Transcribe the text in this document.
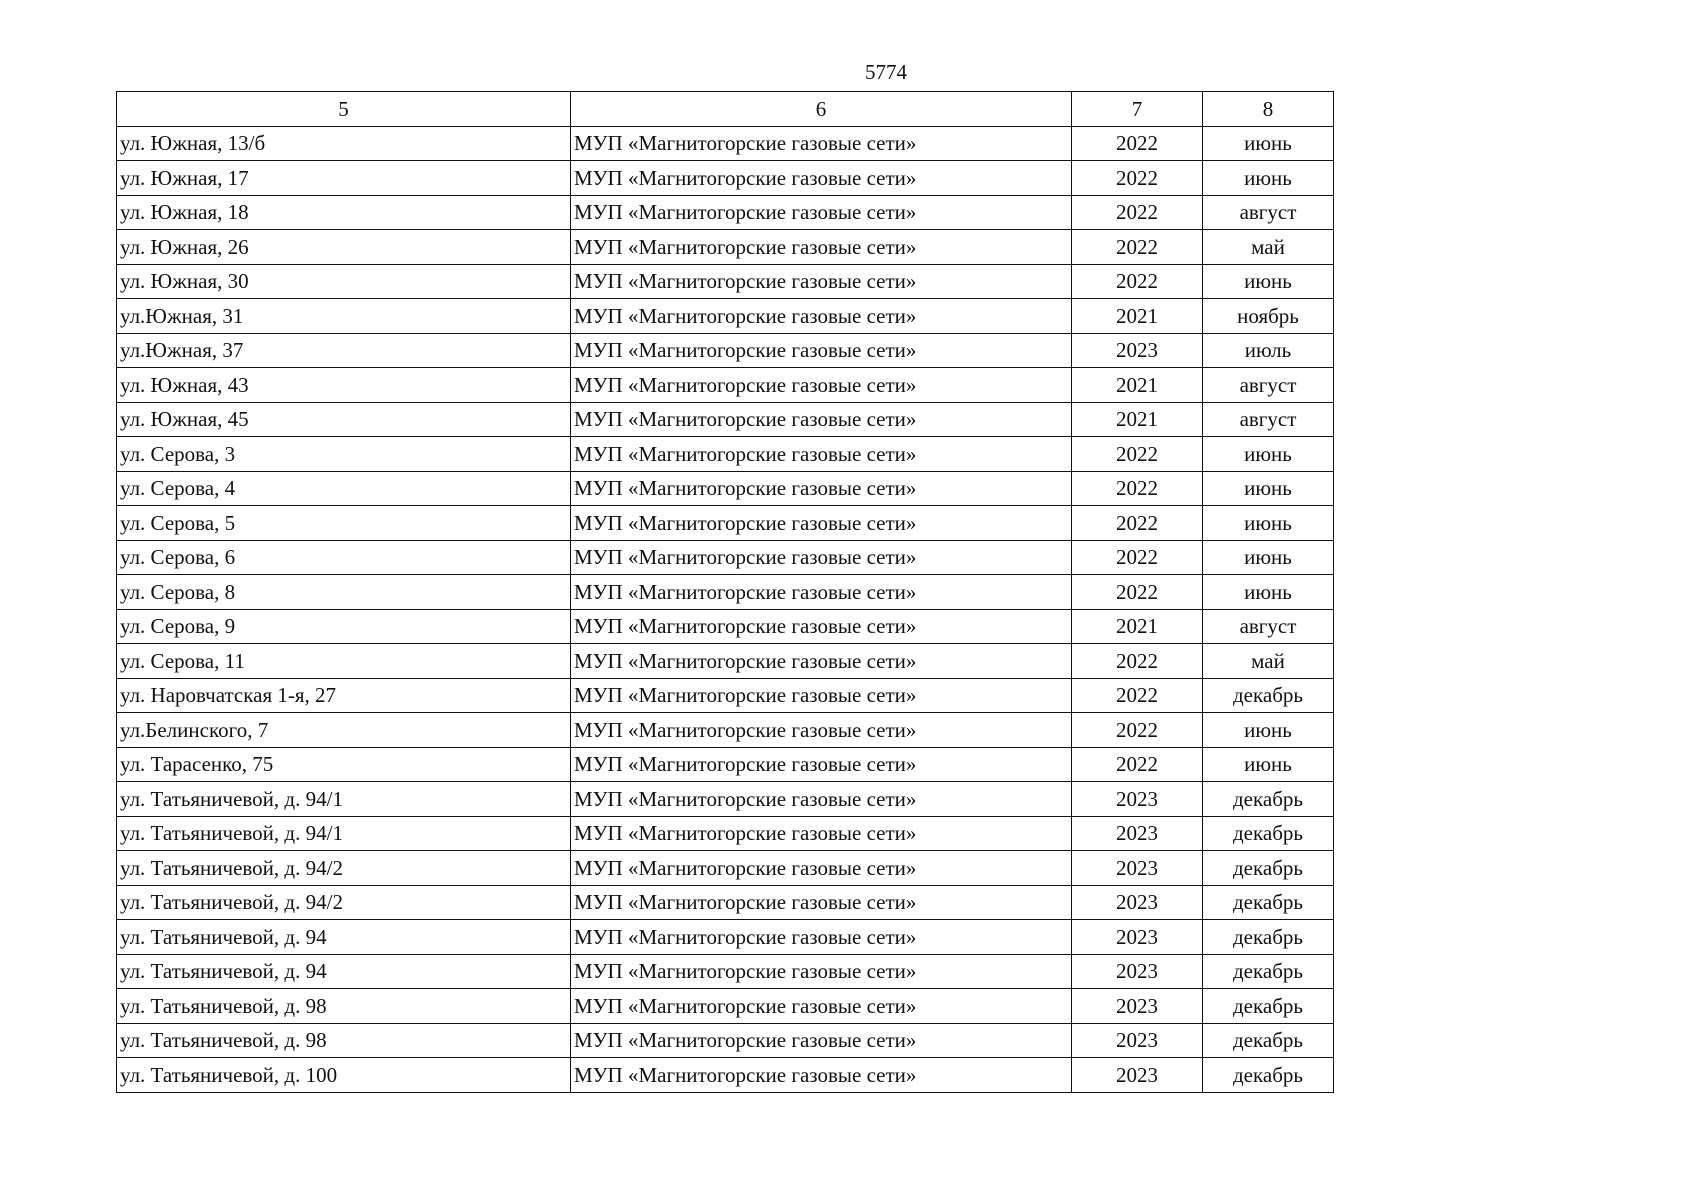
5774
5	6	7	8
ул. Южная, 13/б	МУП «Магнитогорские газовые сети»	2022	июнь
ул. Южная, 17	МУП «Магнитогорские газовые сети»	2022	июнь
ул. Южная, 18	МУП «Магнитогорские газовые сети»	2022	август
ул. Южная, 26	МУП «Магнитогорские газовые сети»	2022	май
ул. Южная, 30	МУП «Магнитогорские газовые сети»	2022	июнь
ул.Южная, 31	МУП «Магнитогорские газовые сети»	2021	ноябрь
ул.Южная, 37	МУП «Магнитогорские газовые сети»	2023	июль
ул. Южная, 43	МУП «Магнитогорские газовые сети»	2021	август
ул. Южная, 45	МУП «Магнитогорские газовые сети»	2021	август
ул. Серова, 3	МУП «Магнитогорские газовые сети»	2022	июнь
ул. Серова, 4	МУП «Магнитогорские газовые сети»	2022	июнь
ул. Серова, 5	МУП «Магнитогорские газовые сети»	2022	июнь
ул. Серова, 6	МУП «Магнитогорские газовые сети»	2022	июнь
ул. Серова, 8	МУП «Магнитогорские газовые сети»	2022	июнь
ул. Серова, 9	МУП «Магнитогорские газовые сети»	2021	август
ул. Серова, 11	МУП «Магнитогорские газовые сети»	2022	май
ул. Наровчатская 1-я, 27	МУП «Магнитогорские газовые сети»	2022	декабрь
ул.Белинского, 7	МУП «Магнитогорские газовые сети»	2022	июнь
ул. Тарасенко, 75	МУП «Магнитогорские газовые сети»	2022	июнь
ул. Татьяничевой, д. 94/1	МУП «Магнитогорские газовые сети»	2023	декабрь
ул. Татьяничевой, д. 94/1	МУП «Магнитогорские газовые сети»	2023	декабрь
ул. Татьяничевой, д. 94/2	МУП «Магнитогорские газовые сети»	2023	декабрь
ул. Татьяничевой, д. 94/2	МУП «Магнитогорские газовые сети»	2023	декабрь
ул. Татьяничевой, д. 94	МУП «Магнитогорские газовые сети»	2023	декабрь
ул. Татьяничевой, д. 94	МУП «Магнитогорские газовые сети»	2023	декабрь
ул. Татьяничевой, д. 98	МУП «Магнитогорские газовые сети»	2023	декабрь
ул. Татьяничевой, д. 98	МУП «Магнитогорские газовые сети»	2023	декабрь
ул. Татьяничевой, д. 100	МУП «Магнитогорские газовые сети»	2023	декабрь
